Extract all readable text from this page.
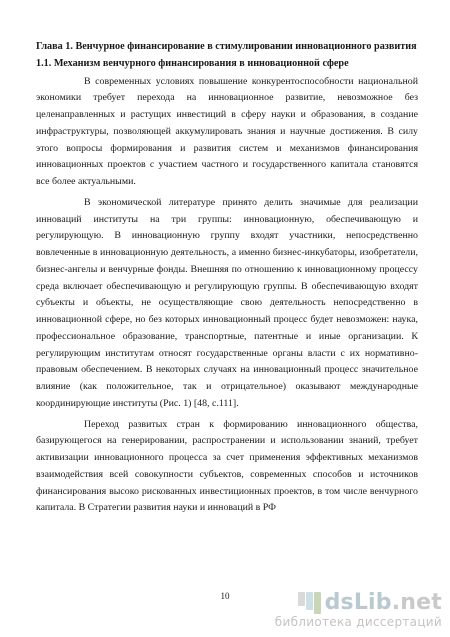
Глава 1. Венчурное финансирование в стимулировании инновационного развития

1.1. Механизм венчурного финансирования в инновационной сфере

В современных условиях повышение конкурентоспособности национальной экономики требует перехода на инновационное развитие, невозможное без целенаправленных и растущих инвестиций в сферу науки и образования, в создание инфраструктуры, позволяющей аккумулировать знания и научные достижения. В силу этого вопросы формирования и развития систем и механизмов финансирования инновационных проектов с участием частного и государственного капитала становятся все более актуальными.

В экономической литературе принято делить значимые для реализации инноваций институты на три группы: инновационную, обеспечивающую и регулирующую. В инновационную группу входят участники, непосредственно вовлеченные в инновационную деятельность, а именно бизнес-инкубаторы, изобретатели, бизнес-ангелы и венчурные фонды. Внешняя по отношению к инновационному процессу среда включает обеспечивающую и регулирующую группы. В обеспечивающую входят субъекты и объекты, не осуществляющие свою деятельность непосредственно в инновационной сфере, но без которых инновационный процесс будет невозможен: наука, профессиональное образование, транспортные, патентные и иные организации. К регулирующим институтам относят государственные органы власти с их нормативно-правовым обеспечением. В некоторых случаях на инновационный процесс значительное влияние (как положительное, так и отрицательное) оказывают международные координирующие институты (Рис. 1) [48, с.111].

Переход развитых стран к формированию инновационного общества, базирующегося на генерировании, распространении и использовании знаний, требует активизации инновационного процесса за счет применения эффективных механизмов взаимодействия всей совокупности субъектов, современных способов и источников финансирования высоко рискованных инвестиционных проектов, в том числе венчурного капитала. В Стратегии развития науки и инноваций в РФ

10	dsLib.net
библиотека диссертаций
